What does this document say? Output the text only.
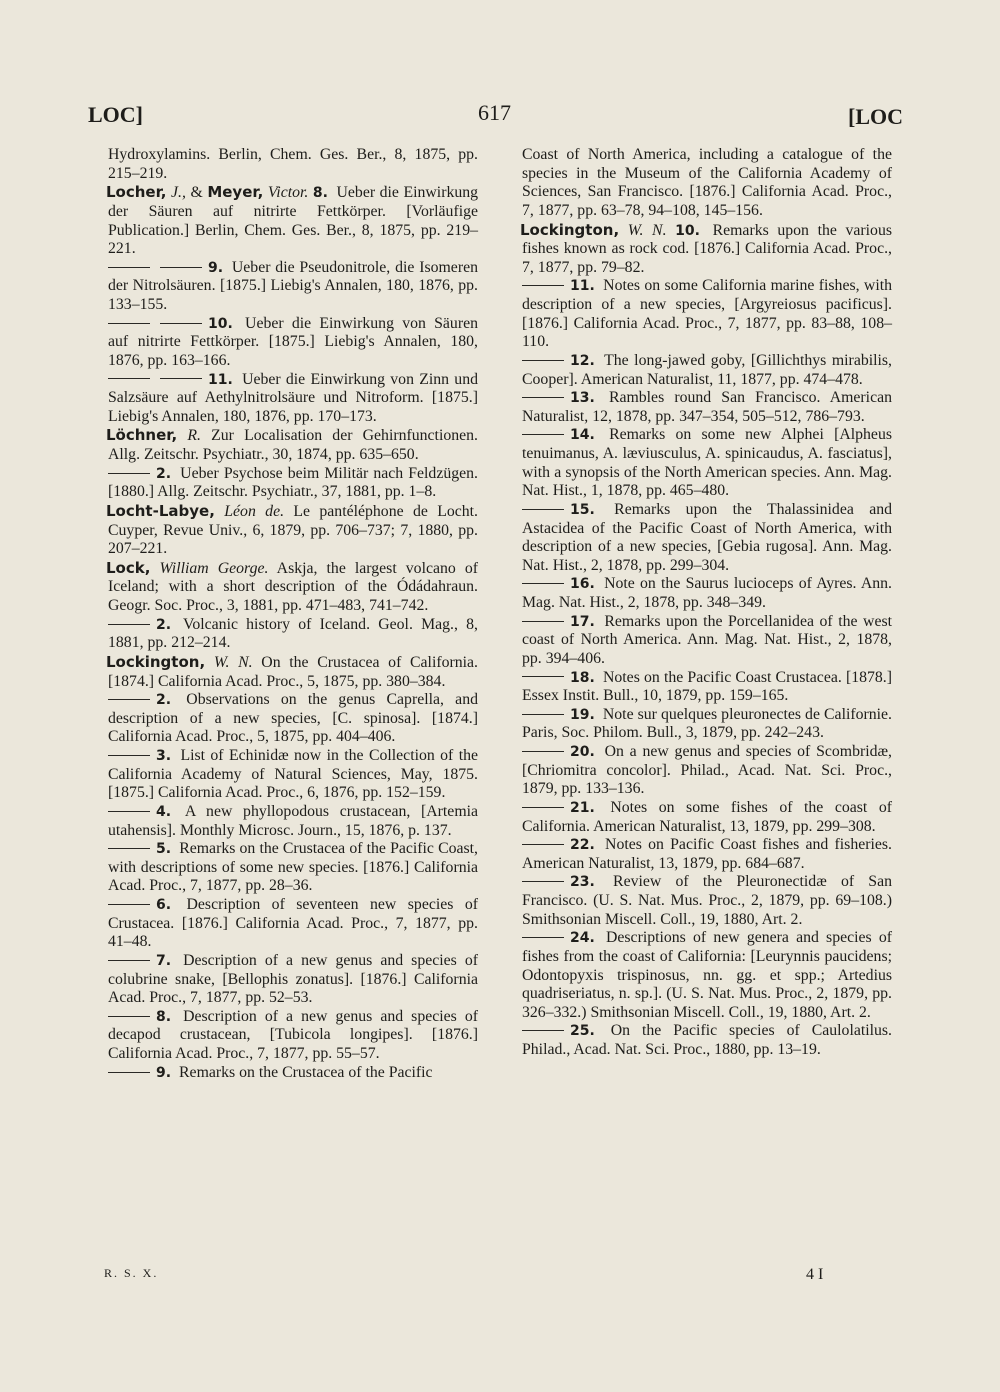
LOC]	617	[LOC

Hydroxylamins. Berlin, Chem. Ges. Ber., 8, 1875, pp. 215–219.

Locher, J., & Meyer, Victor. 8. Ueber die Einwirkung der Säuren auf nitrirte Fettkörper. [Vorläufige Publication.] Berlin, Chem. Ges. Ber., 8, 1875, pp. 219–221.

9. Ueber die Pseudonitrole, die Isomeren der Nitrolsäuren. [1875.] Liebig's Annalen, 180, 1876, pp. 133–155.

10. Ueber die Einwirkung von Säuren auf nitrirte Fettkörper. [1875.] Liebig's Annalen, 180, 1876, pp. 163–166.

11. Ueber die Einwirkung von Zinn und Salzsäure auf Aethylnitrolsäure und Nitroform. [1875.] Liebig's Annalen, 180, 1876, pp. 170–173.

Löchner, R. Zur Localisation der Gehirnfunctionen. Allg. Zeitschr. Psychiatr., 30, 1874, pp. 635–650.

2. Ueber Psychose beim Militär nach Feldzügen. [1880.] Allg. Zeitschr. Psychiatr., 37, 1881, pp. 1–8.

Locht-Labye, Léon de. Le pantéléphone de Locht. Cuyper, Revue Univ., 6, 1879, pp. 706–737; 7, 1880, pp. 207–221.

Lock, William George. Askja, the largest volcano of Iceland; with a short description of the Ódádahraun. Geogr. Soc. Proc., 3, 1881, pp. 471–483, 741–742.

2. Volcanic history of Iceland. Geol. Mag., 8, 1881, pp. 212–214.

Lockington, W. N. On the Crustacea of California. [1874.] California Acad. Proc., 5, 1875, pp. 380–384.

2. Observations on the genus Caprella, and description of a new species, [C. spinosa]. [1874.] California Acad. Proc., 5, 1875, pp. 404–406.

3. List of Echinidæ now in the Collection of the California Academy of Natural Sciences, May, 1875. [1875.] California Acad. Proc., 6, 1876, pp. 152–159.

4. A new phyllopodous crustacean, [Artemia utahensis]. Monthly Microsc. Journ., 15, 1876, p. 137.

5. Remarks on the Crustacea of the Pacific Coast, with descriptions of some new species. [1876.] California Acad. Proc., 7, 1877, pp. 28–36.

6. Description of seventeen new species of Crustacea. [1876.] California Acad. Proc., 7, 1877, pp. 41–48.

7. Description of a new genus and species of colubrine snake, [Bellophis zonatus]. [1876.] California Acad. Proc., 7, 1877, pp. 52–53.

8. Description of a new genus and species of decapod crustacean, [Tubicola longipes]. [1876.] California Acad. Proc., 7, 1877, pp. 55–57.

9. Remarks on the Crustacea of the Pacific

Coast of North America, including a catalogue of the species in the Museum of the California Academy of Sciences, San Francisco. [1876.] California Acad. Proc., 7, 1877, pp. 63–78, 94–108, 145–156.

Lockington, W. N. 10. Remarks upon the various fishes known as rock cod. [1876.] California Acad. Proc., 7, 1877, pp. 79–82.

11. Notes on some California marine fishes, with description of a new species, [Argyreiosus pacificus]. [1876.] California Acad. Proc., 7, 1877, pp. 83–88, 108–110.

12. The long-jawed goby, [Gillichthys mirabilis, Cooper]. American Naturalist, 11, 1877, pp. 474–478.

13. Rambles round San Francisco. American Naturalist, 12, 1878, pp. 347–354, 505–512, 786–793.

14. Remarks on some new Alphei [Alpheus tenuimanus, A. læviusculus, A. spinicaudus, A. fasciatus], with a synopsis of the North American species. Ann. Mag. Nat. Hist., 1, 1878, pp. 465–480.

15. Remarks upon the Thalassinidea and Astacidea of the Pacific Coast of North America, with description of a new species, [Gebia rugosa]. Ann. Mag. Nat. Hist., 2, 1878, pp. 299–304.

16. Note on the Saurus lucioceps of Ayres. Ann. Mag. Nat. Hist., 2, 1878, pp. 348–349.

17. Remarks upon the Porcellanidea of the west coast of North America. Ann. Mag. Nat. Hist., 2, 1878, pp. 394–406.

18. Notes on the Pacific Coast Crustacea. [1878.] Essex Instit. Bull., 10, 1879, pp. 159–165.

19. Note sur quelques pleuronectes de Californie. Paris, Soc. Philom. Bull., 3, 1879, pp. 242–243.

20. On a new genus and species of Scombridæ, [Chriomitra concolor]. Philad., Acad. Nat. Sci. Proc., 1879, pp. 133–136.

21. Notes on some fishes of the coast of California. American Naturalist, 13, 1879, pp. 299–308.

22. Notes on Pacific Coast fishes and fisheries. American Naturalist, 13, 1879, pp. 684–687.

23. Review of the Pleuronectidæ of San Francisco. (U. S. Nat. Mus. Proc., 2, 1879, pp. 69–108.) Smithsonian Miscell. Coll., 19, 1880, Art. 2.

24. Descriptions of new genera and species of fishes from the coast of California: [Leurynnis paucidens; Odontopyxis trispinosus, nn. gg. et spp.; Artedius quadriseriatus, n. sp.]. (U. S. Nat. Mus. Proc., 2, 1879, pp. 326–332.) Smithsonian Miscell. Coll., 19, 1880, Art. 2.

25. On the Pacific species of Caulolatilus. Philad., Acad. Nat. Sci. Proc., 1880, pp. 13–19.

R. S. X.	4 I
